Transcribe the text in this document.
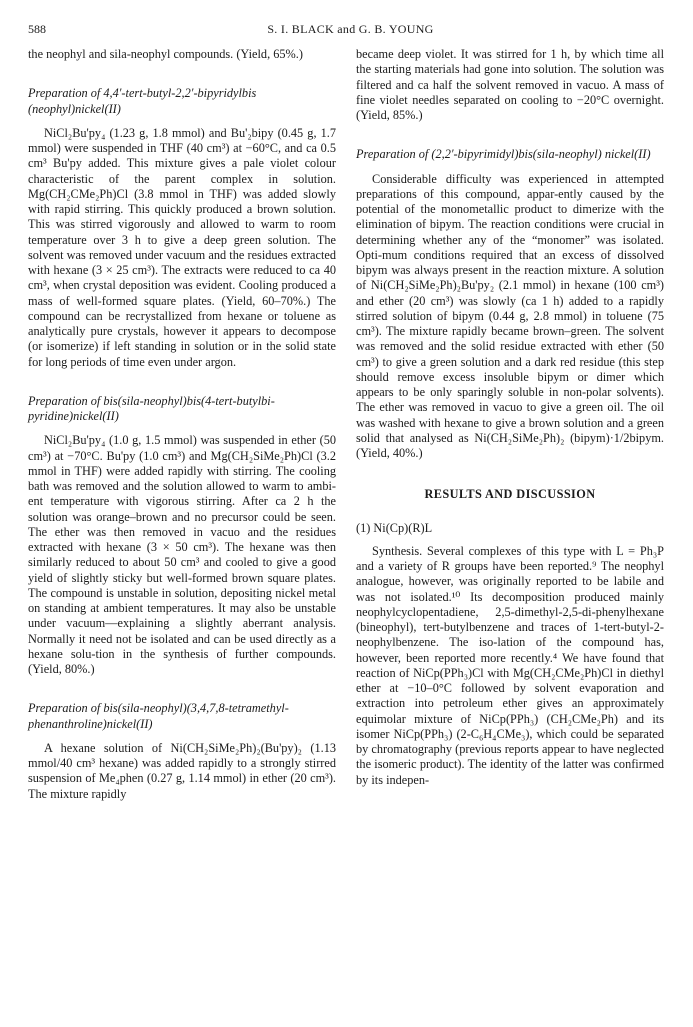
588	S. I. BLACK and G. B. YOUNG

the neophyl and sila-neophyl compounds. (Yield, 65%.)

Preparation of 4,4′-tert-butyl-2,2′-bipyridylbis (neophyl)nickel(II)

NiCl₂Bu'py₄ (1.23 g, 1.8 mmol) and Bu'₂bipy (0.45 g, 1.7 mmol) were suspended in THF (40 cm³) at −60°C, and ca 0.5 cm³ Bu'py added. This mixture gives a pale violet colour characteristic of the parent complex in solution. Mg(CH₂CMe₂Ph)Cl (3.8 mmol in THF) was added slowly with rapid stirring. This quickly produced a brown solution. This was stirred vigorously and allowed to warm to room temperature over 3 h to give a deep green solution. The solvent was removed under vacuum and the residues extracted with hexane (3 × 25 cm³). The extracts were reduced to ca 40 cm³, when crystal deposition was evident. Cooling produced a mass of well-formed square plates. (Yield, 60–70%.) The compound can be recrystallized from hexane or toluene as analytically pure crystals, however it appears to decompose (or isomerize) if left standing in solution or in the solid state for long periods of time even under argon.

Preparation of bis(sila-neophyl)bis(4-tert-butylbi-pyridine)nickel(II)

NiCl₂Bu'py₄ (1.0 g, 1.5 mmol) was suspended in ether (50 cm³) at −70°C. Bu'py (1.0 cm³) and Mg(CH₂SiMe₂Ph)Cl (3.2 mmol in THF) were added rapidly with stirring. The cooling bath was removed and the solution allowed to warm to ambi-ent temperature with vigorous stirring. After ca 2 h the solution was orange–brown and no precursor could be seen. The ether was then removed in vacuo and the residues extracted with hexane (3 × 50 cm³). The hexane was then similarly reduced to about 50 cm³ and cooled to give a good yield of slightly sticky but well-formed brown square plates. The compound is unstable in solution, depositing nickel metal on standing at ambient temperatures. It may also be unstable under vacuum—explaining a slightly aberrant analysis. Normally it need not be isolated and can be used directly as a hexane solu-tion in the synthesis of further compounds. (Yield, 80%.)

Preparation of bis(sila-neophyl)(3,4,7,8-tetramethyl-phenanthroline)nickel(II)

A hexane solution of Ni(CH₂SiMe₂Ph)₂(Bu'py)₂ (1.13 mmol/40 cm³ hexane) was added rapidly to a strongly stirred suspension of Me₄phen (0.27 g, 1.14 mmol) in ether (20 cm³). The mixture rapidly

became deep violet. It was stirred for 1 h, by which time all the starting materials had gone into solution. The solution was filtered and ca half the solvent removed in vacuo. A mass of fine violet needles separated on cooling to −20°C overnight. (Yield, 85%.)

Preparation of (2,2′-bipyrimidyl)bis(sila-neophyl) nickel(II)

Considerable difficulty was experienced in attempted preparations of this compound, appar-ently caused by the potential of the monometallic product to dimerize with the elimination of bipym. The reaction conditions were crucial in determining whether any of the “monomer” was isolated. Opti-mum conditions required that an excess of dissolved bipym was always present in the reaction mixture. A solution of Ni(CH₂SiMe₂Ph)₂Bu'py₂ (2.1 mmol) in hexane (100 cm³) and ether (20 cm³) was slowly (ca 1 h) added to a rapidly stirred solution of bipym (0.44 g, 2.8 mmol) in toluene (75 cm³). The mixture rapidly became brown–green. The solvent was removed and the solid residue extracted with ether (50 cm³) to give a green solution and a dark red residue (this step should remove excess insoluble bipym or dimer which appears to be only sparingly soluble in non-polar solvents). The ether was removed in vacuo to give a green oil. The oil was washed with hexane to give a brown solution and a green solid that analysed as Ni(CH₂SiMe₂Ph)₂ (bipym)·1/2bipym. (Yield, 40%.)

RESULTS AND DISCUSSION

(1) Ni(Cp)(R)L

Synthesis. Several complexes of this type with L = Ph₃P and a variety of R groups have been reported.⁹ The neophyl analogue, however, was originally reported to be labile and was not isolated.¹⁰ Its decomposition produced mainly neophylcyclopentadiene, 2,5-dimethyl-2,5-di-phenylhexane (bineophyl), tert-butylbenzene and traces of 1-tert-butyl-2-neophylbenzene. The iso-lation of the compound has, however, been reported more recently.⁴ We have found that reaction of NiCp(PPh₃)Cl with Mg(CH₂CMe₂Ph)Cl in diethyl ether at −10–0°C followed by solvent evaporation and extraction into petroleum ether gives an approximately equimolar mixture of NiCp(PPh₃) (CH₂CMe₂Ph) and its isomer NiCp(PPh₃) (2-C₆H₄CMe₃), which could be separated by chromatography (previous reports appear to have neglected the isomeric product). The identity of the latter was confirmed by its indepen-
